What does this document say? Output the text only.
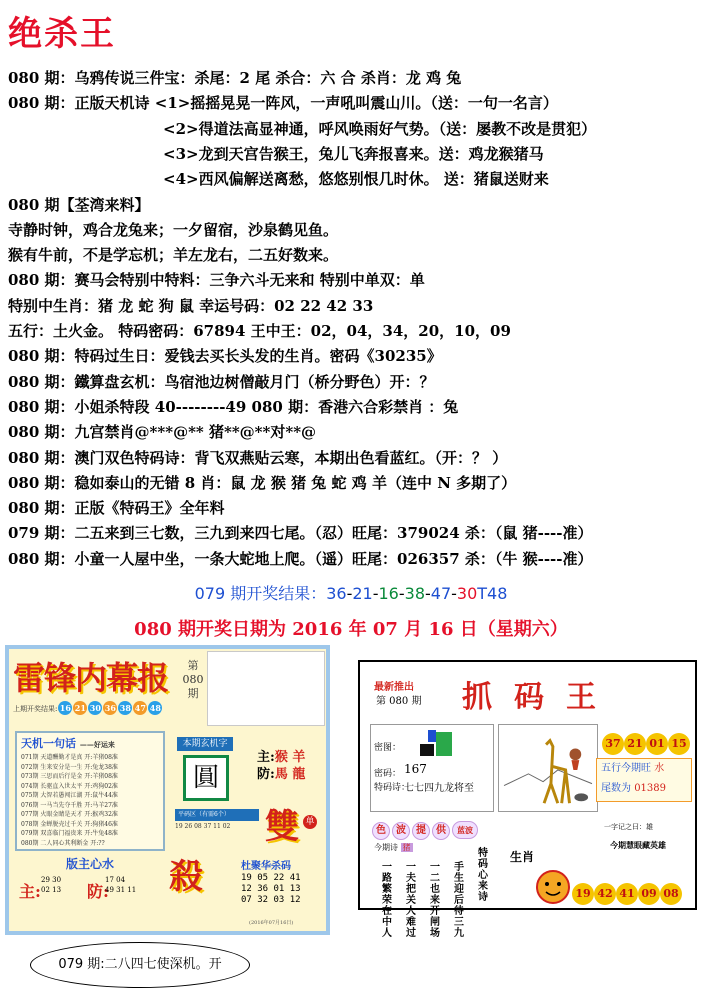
绝杀王
080 期：乌鸦传说三件宝：杀尾：2 尾 杀合：六 合 杀肖：龙 鸡 兔
080 期：正版天机诗 <1>摇摇晃晃一阵风，一声吼叫震山川。（送：一句一名言）
<2>得道法高显神通，呼风唤雨好气势。（送：屡教不改是贯犯）
<3>龙到天宫告猴王，兔儿飞奔报喜来。送：鸡龙猴猪马
<4>西风偏解送离愁，悠悠别恨几时休。 送：猪鼠送财来
080 期【荃湾来料】
寺静时钟，鸡合龙兔来；一夕留宿，沙泉鹤见鱼。
猴有牛前，不是学忘机；羊左龙右，二五好数来。
080 期：赛马会特别中特料：三争六斗无来和 特别中单双：单
特别中生肖：猪 龙 蛇 狗 鼠 幸运号码：02 22 42 33
五行：土火金。 特码密码：67894 王中王：02，04，34，20，10，09
080 期：特码过生日：爱钱去买长头发的生肖。密码《30235》
080 期：鐵算盘玄机：鸟宿池边树僧敲月门（桥分野色）开：？
080 期：小姐杀特段 40--------49 080 期：香港六合彩禁肖 ：兔
080 期：九宫禁肖@***@** 猪**@**对**@
080 期：澳门双色特码诗：背飞双燕贴云寒，本期出色看蓝红。（开：？ ）
080 期：稳如泰山的无错 8 肖：鼠 龙 猴 猪 兔 蛇 鸡 羊（连中 N 多期了）
080 期：正版《特码王》全年料
079 期：二五来到三七数，三九到来四七尾。（忍）旺尾：379024 杀：（鼠 猪----准）
080 期：小童一人屋中坐，一条大蛇地上爬。（遥）旺尾：026357 杀：（牛 猴----准）
079 期开奖结果：36-21-16-38-47-30T48
080 期开奖日期为 2016 年 07 月 16 日（星期六）
雷锋内幕报	第080期
上期开奖结果: 16 21 30 36 38 47 48
天机一句话 ——好运来
071期 天道酬勤才是真 开:羊猪08准
072期 生来安分是一生 开:兔龙38准
073期 三思而后行是金 开:羊猪08准
074期 长驱直入世太平 开:鸡狗02准
075期 大智若愚闯江湖 开:鼠牛44准
076期 一马当先夺千胜 开:马羊27准
077期 火眼金睛是天才 开:猴鸡32准
078期 金蝉脱壳过千关 开:狗猪46准
079期 双喜临门福贵来 开:牛兔48准
080期 二人同心其利断金 开:??
本期玄机字
圓
主:猴 羊
防:馬 龍
雙 单
平码区（有需6个）
19 26 08 37 11 02
版主心水
主:
29 30
02 13 防:
17 04
49 31 11 殺	杜聚华杀码
19 05 22 41
12 36 01 13
07 32 03 12
(2016年07月16日)
最新推出
第 080 期 抓码王
密图：
密码： 167
特码诗：
七七四九龙将至
37 21 01 15
五行今期旺 水
尾数为 01389
色 波 提 供 蓝波
今期诗 猪
一路繁荣在中人
一夫把关人难过
一二也来开闸场
手生迎后待三九
特码心来诗
生肖
一字记之曰：雄
今期慧眼藏英雄
19 42 41 09 08
079 期:二八四七使深机。开
